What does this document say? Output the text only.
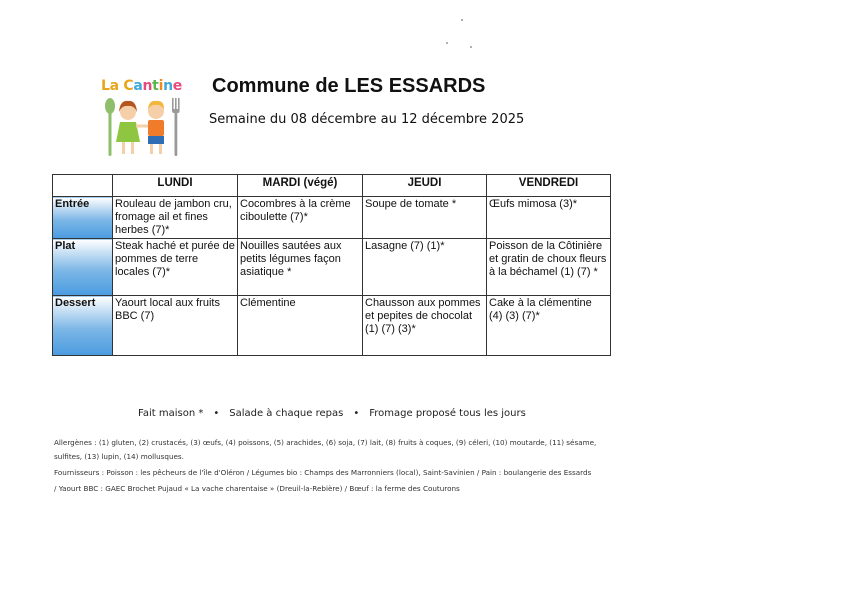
La Cantine Commune de LES ESSARDS
Semaine du 08 décembre au 12 décembre 2025
	LUNDI	MARDI (végé)	JEUDI	VENDREDI
Entrée	Rouleau de jambon cru, fromage ail et fines herbes (7)*	Cocombres à la crème ciboulette (7)*	Soupe de tomate *	Œufs mimosa (3)*
Plat	Steak haché et purée de pommes de terre locales (7)*	Nouilles sautées aux petits légumes façon asiatique *	Lasagne (7) (1)*	Poisson de la Côtinière et gratin de choux fleurs à la béchamel (1) (7) *
Dessert	Yaourt local aux fruits BBC (7)	Clémentine	Chausson aux pommes et pepites de chocolat (1) (7) (3)*	Cake à la clémentine (4) (3) (7)*
Fait maison * • Salade à chaque repas • Fromage proposé tous les jours
Allergènes : (1) gluten, (2) crustacés, (3) œufs, (4) poissons, (5) arachides, (6) soja, (7) lait, (8) fruits à coques, (9) céleri, (10) moutarde, (11) sésame,
sulfites, (13) lupin, (14) mollusques.
Fournisseurs : Poisson : les pêcheurs de l'île d'Oléron / Légumes bio : Champs des Marronniers (local), Saint-Savinien / Pain : boulangerie des Essards
/ Yaourt BBC : GAEC Brochet Pujaud « La vache charentaise » (Dreuil-la-Rebière) / Bœuf : la ferme des Couturons
